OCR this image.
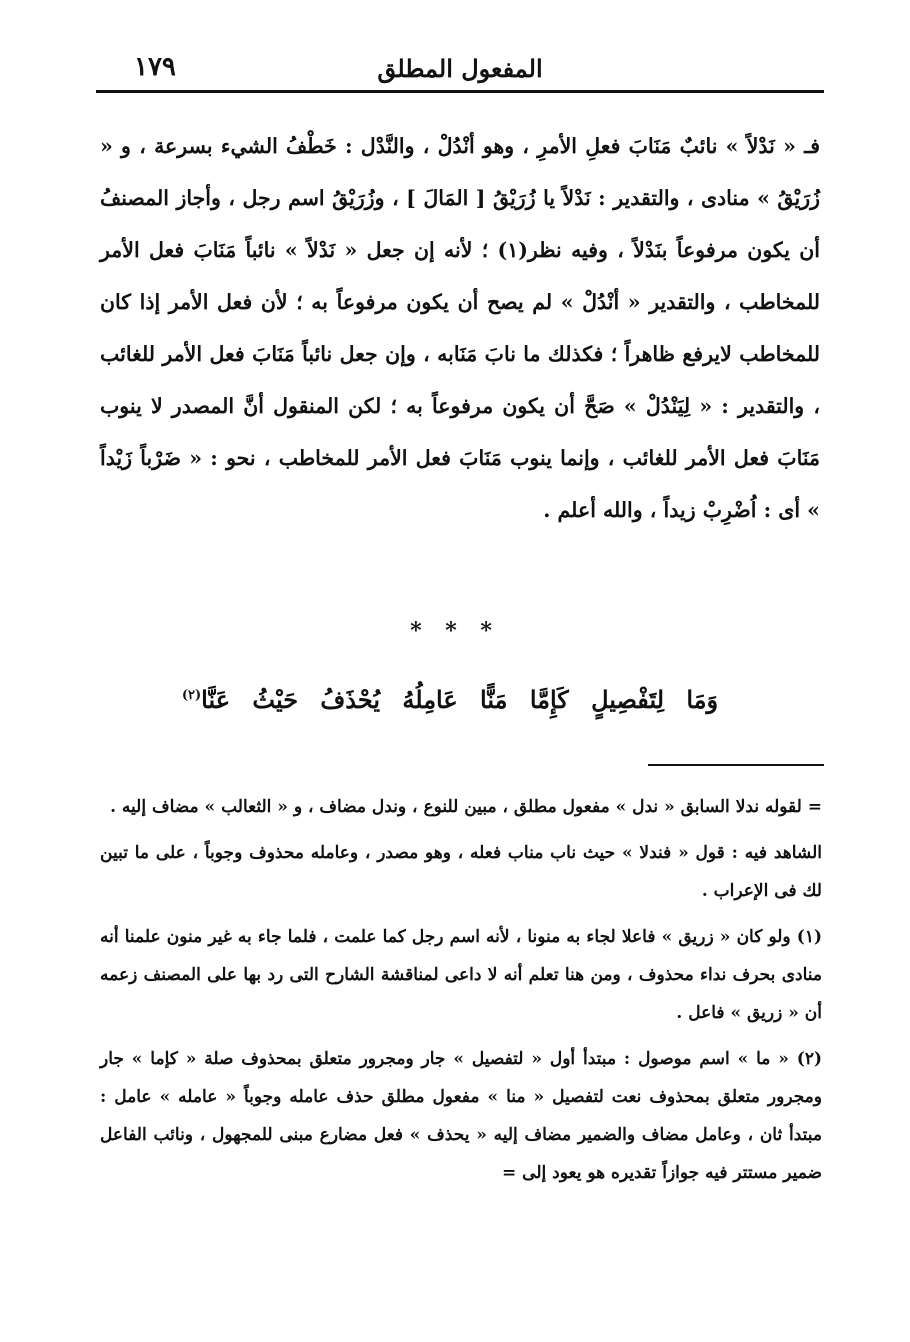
المفعول المطلق
١٧٩

فـ « نَدْلاً » نائبٌ مَنَابَ فعلِ الأمرِ ، وهو أنْدُلْ ، والنَّدْل : خَطْفُ الشيء بسرعة ، و « زُرَيْقُ » منادى ، والتقدير : نَدْلاً يا زُرَيْقُ [ المَالَ ] ، وزُرَيْقُ اسم رجل ، وأجاز المصنفُ أن يكون مرفوعاً بنَدْلاً ، وفيه نظر(١) ؛ لأنه إن جعل « نَدْلاً » نائباً مَنَابَ فعل الأمر للمخاطب ، والتقدير « أنْدُلْ » لم يصح أن يكون مرفوعاً به ؛ لأن فعل الأمر إذا كان للمخاطب لايرفع ظاهراً ؛ فكذلك ما نابَ مَنَابه ، وإن جعل نائباً مَنَابَ فعل الأمر للغائب ، والتقدير : « لِيَنْدُلْ » صَحَّ أن يكون مرفوعاً به ؛ لكن المنقول أنَّ المصدر لا ينوب مَنَابَ فعل الأمر للغائب ، وإنما ينوب مَنَابَ فعل الأمر للمخاطب ، نحو : « ضَرْباً زَيْداً » أى : اُضْرِبْ زيداً ، والله أعلم .

* * *
وَمَا لِتَفْصِيلٍ كَإِمَّا مَنًّا عَامِلُهُ يُحْذَفُ حَيْثُ عَنَّا$^{(٢)}$

= لقوله ندلا السابق « ندل » مفعول مطلق ، مبين للنوع ، وندل مضاف ، و « الثعالب » مضاف إليه .

الشاهد فيه : قول « فندلا » حيث ناب مناب فعله ، وهو مصدر ، وعامله محذوف وجوباً ، على ما تبين لك فى الإعراب .

(١) ولو كان « زريق » فاعلا لجاء به منونا ، لأنه اسم رجل كما علمت ، فلما جاء به غير منون علمنا أنه منادى بحرف نداء محذوف ، ومن هنا تعلم أنه لا داعى لمناقشة الشارح التى رد بها على المصنف زعمه أن « زريق » فاعل .

(٢) « ما » اسم موصول : مبتدأ أول « لتفصيل » جار ومجرور متعلق بمحذوف صلة « كإما » جار ومجرور متعلق بمحذوف نعت لتفصيل « منا » مفعول مطلق حذف عامله وجوباً « عامله » عامل : مبتدأ ثان ، وعامل مضاف والضمير مضاف إليه « يحذف » فعل مضارع مبنى للمجهول ، ونائب الفاعل ضمير مستتر فيه جوازاً تقديره هو يعود إلى =
